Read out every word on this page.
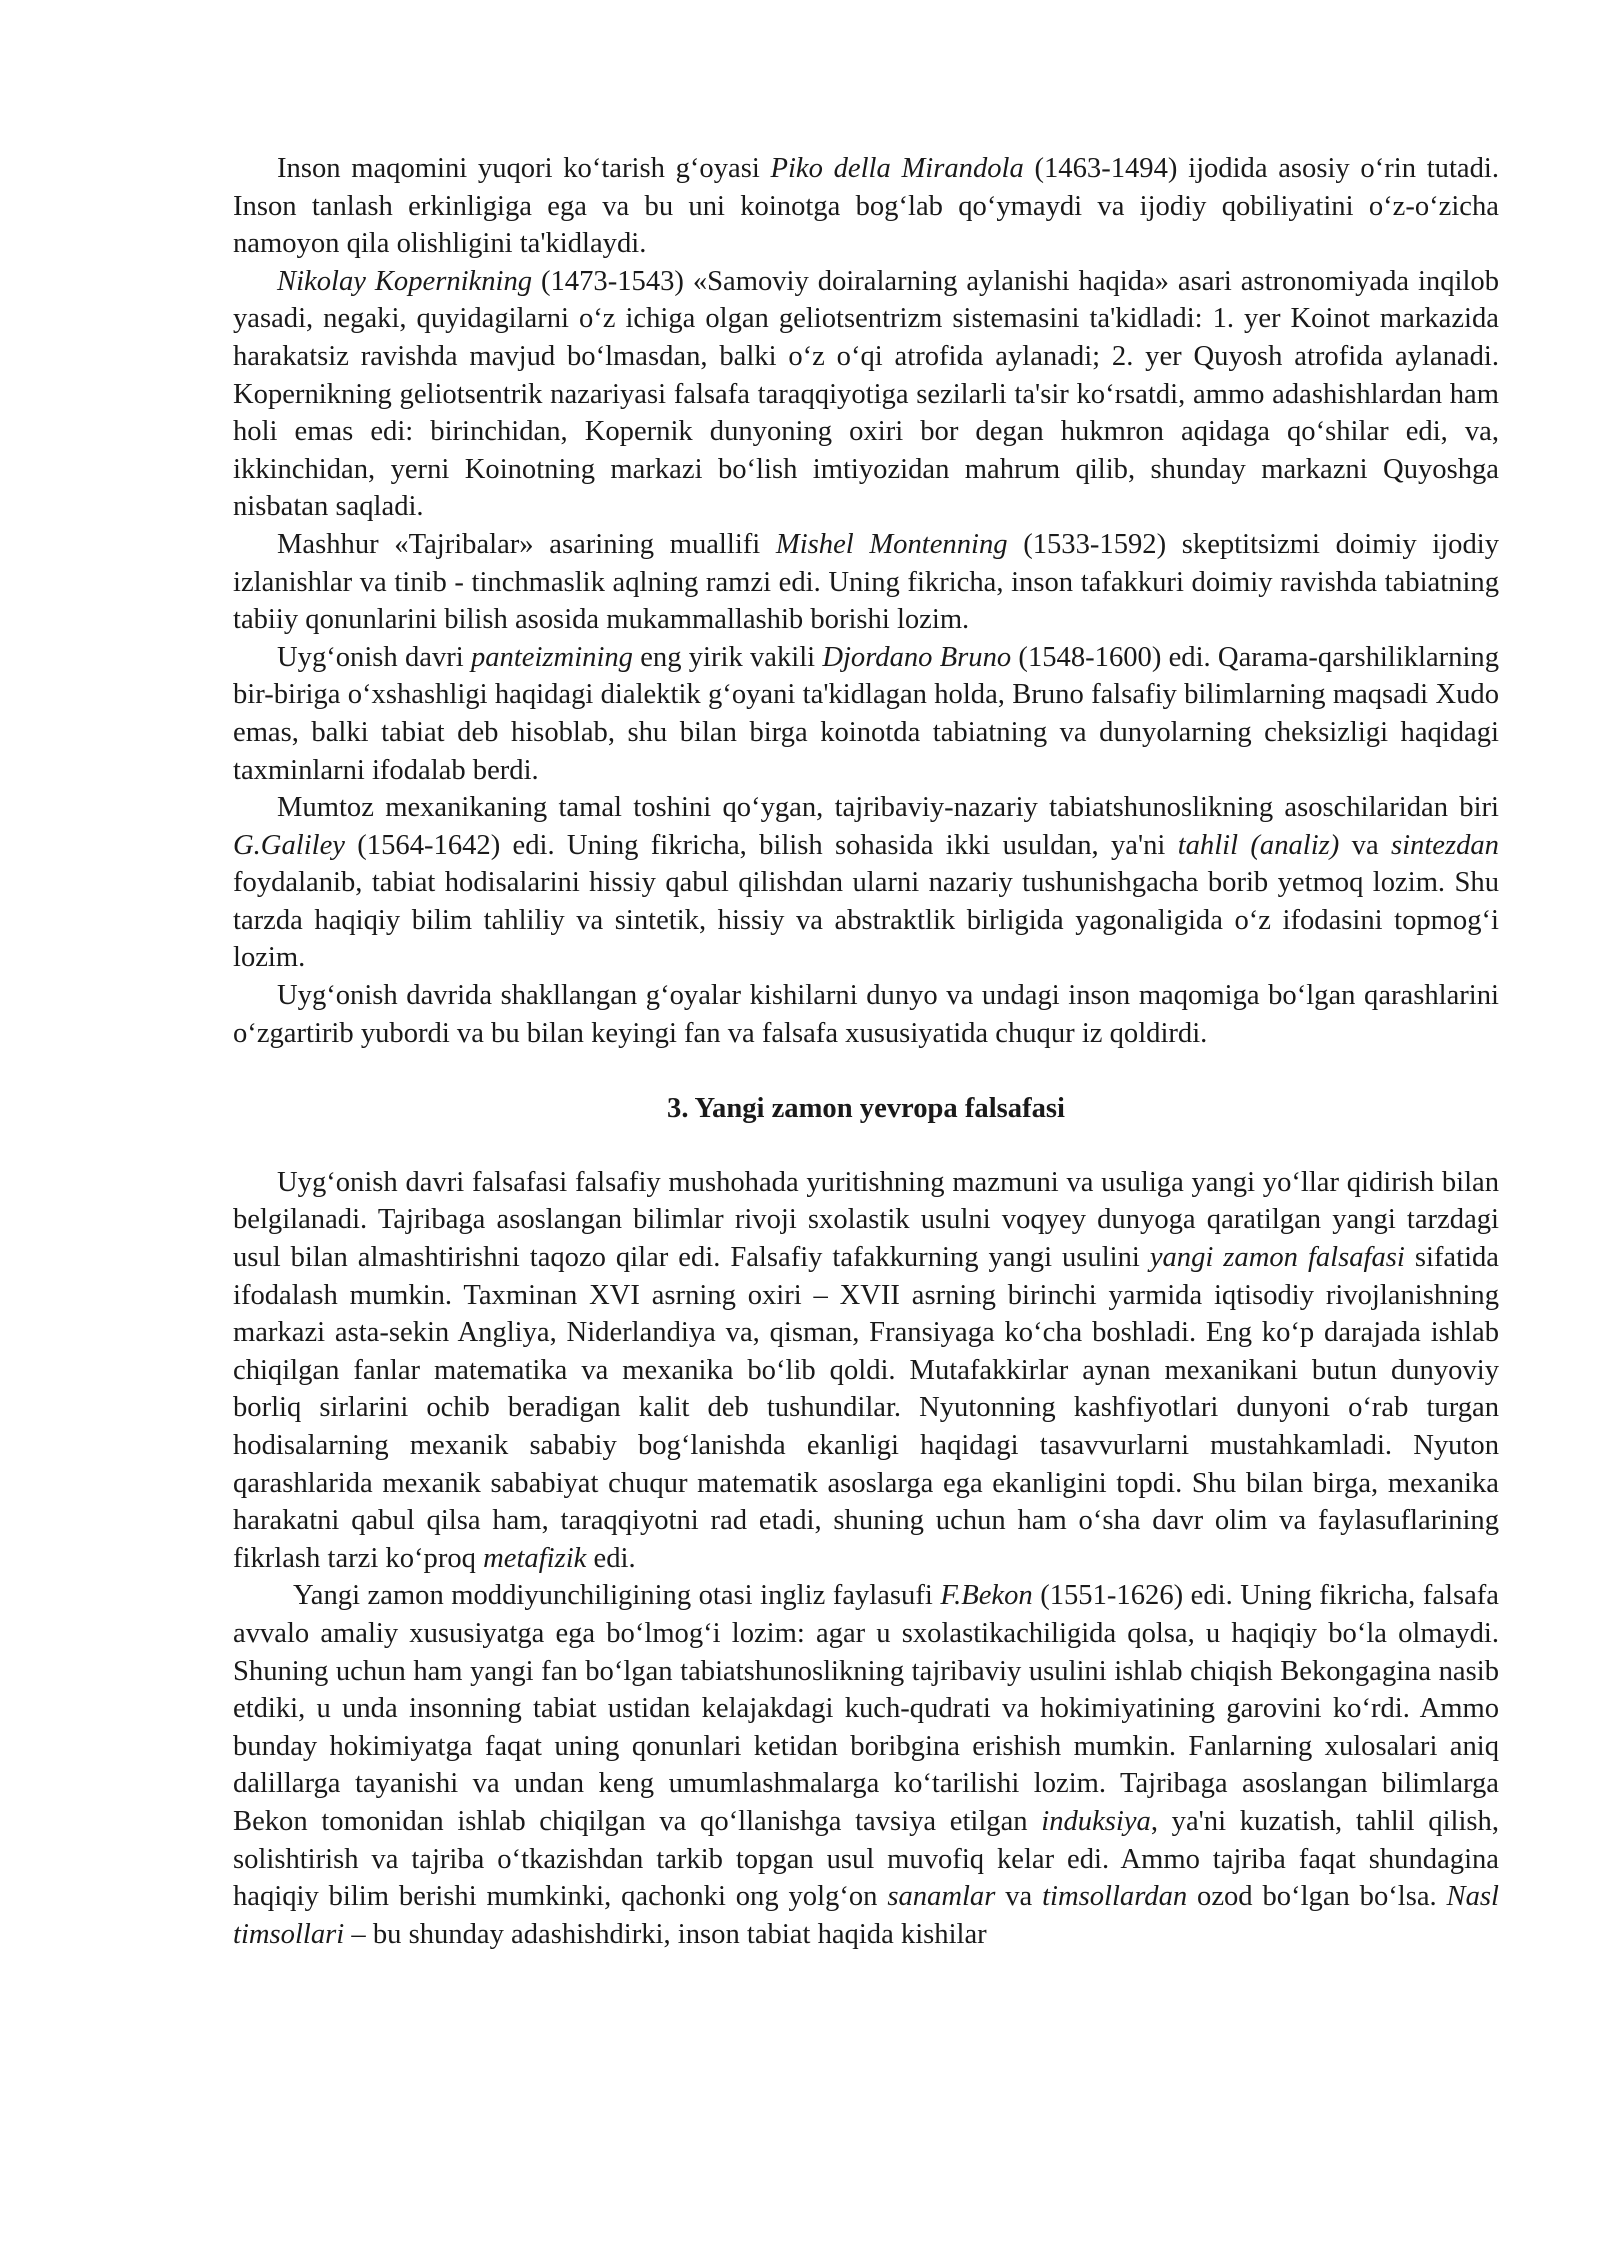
Inson maqomini yuqori koʻtarish gʻoyasi Piko della Mirandola (1463-1494) ijodida asosiy oʻrin tutadi. Inson tanlash erkinligiga ega va bu uni koinotga bogʻlab qoʻymaydi va ijodiy qobiliyatini oʻz-oʻzicha namoyon qila olishligini ta'kidlaydi.

Nikolay Kopernikning (1473-1543) «Samoviy doiralarning aylanishi haqida» asari astronomiyada inqilob yasadi, negaki, quyidagilarni oʻz ichiga olgan geliotsentrizm sistemasini ta'kidladi: 1. yer Koinot markazida harakatsiz ravishda mavjud boʻlmasdan, balki oʻz oʻqi atrofida aylanadi; 2. yer Quyosh atrofida aylanadi. Kopernikning geliotsentrik nazariyasi falsafa taraqqiyotiga sezilarli ta'sir koʻrsatdi, ammo adashishlardan ham holi emas edi: birinchidan, Kopernik dunyoning oxiri bor degan hukmron aqidaga qoʻshilar edi, va, ikkinchidan, yerni Koinotning markazi boʻlish imtiyozidan mahrum qilib, shunday markazni Quyoshga nisbatan saqladi.

Mashhur «Tajribalar» asarining muallifi Mishel Montenning (1533-1592) skeptitsizmi doimiy ijodiy izlanishlar va tinib - tinchmaslik aqlning ramzi edi. Uning fikricha, inson tafakkuri doimiy ravishda tabiatning tabiiy qonunlarini bilish asosida mukammallashib borishi lozim.

Uygʻonish davri panteizmining eng yirik vakili Djordano Bruno (1548-1600) edi. Qarama-qarshiliklarning bir-biriga oʻxshashligi haqidagi dialektik gʻoyani ta'kidlagan holda, Bruno falsafiy bilimlarning maqsadi Xudo emas, balki tabiat deb hisoblab, shu bilan birga koinotda tabiatning va dunyolarning cheksizligi haqidagi taxminlarni ifodalab berdi.

Mumtoz mexanikaning tamal toshini qoʻygan, tajribaviy-nazariy tabiatshunoslikning asoschilaridan biri G.Galiley (1564-1642) edi. Uning fikricha, bilish sohasida ikki usuldan, ya'ni tahlil (analiz) va sintezdan foydalanib, tabiat hodisalarini hissiy qabul qilishdan ularni nazariy tushunishgacha borib yetmoq lozim. Shu tarzda haqiqiy bilim tahliliy va sintetik, hissiy va abstraktlik birligida yagonaligida oʻz ifodasini topmogʻi lozim.

Uygʻonish davrida shakllangan gʻoyalar kishilarni dunyo va undagi inson maqomiga boʻlgan qarashlarini oʻzgartirib yubordi va bu bilan keyingi fan va falsafa xususiyatida chuqur iz qoldirdi.

3. Yangi zamon yevropa falsafasi

Uygʻonish davri falsafasi falsafiy mushohada yuritishning mazmuni va usuliga yangi yoʻllar qidirish bilan belgilanadi. Tajribaga asoslangan bilimlar rivoji sxolastik usulni voqyey dunyoga qaratilgan yangi tarzdagi usul bilan almashtirishni taqozo qilar edi. Falsafiy tafakkurning yangi usulini yangi zamon falsafasi sifatida ifodalash mumkin. Taxminan XVI asrning oxiri – XVII asrning birinchi yarmida iqtisodiy rivojlanishning markazi asta-sekin Angliya, Niderlandiya va, qisman, Fransiyaga koʻcha boshladi. Eng koʻp darajada ishlab chiqilgan fanlar matematika va mexanika boʻlib qoldi. Mutafakkirlar aynan mexanikani butun dunyoviy borliq sirlarini ochib beradigan kalit deb tushundilar. Nyutonning kashfiyotlari dunyoni oʻrab turgan hodisalarning mexanik sababiy bogʻlanishda ekanligi haqidagi tasavvurlarni mustahkamladi. Nyuton qarashlarida mexanik sababiyat chuqur matematik asoslarga ega ekanligini topdi. Shu bilan birga, mexanika harakatni qabul qilsa ham, taraqqiyotni rad etadi, shuning uchun ham oʻsha davr olim va faylasuflarining fikrlash tarzi koʻproq metafizik edi.

Yangi zamon moddiyunchiligining otasi ingliz faylasufi F.Bekon (1551-1626) edi. Uning fikricha, falsafa avvalo amaliy xususiyatga ega boʻlmogʻi lozim: agar u sxolastikachiligida qolsa, u haqiqiy boʻla olmaydi. Shuning uchun ham yangi fan boʻlgan tabiatshunoslikning tajribaviy usulini ishlab chiqish Bekongagina nasib etdiki, u unda insonning tabiat ustidan kelajakdagi kuch-qudrati va hokimiyatining garovini koʻrdi. Ammo bunday hokimiyatga faqat uning qonunlari ketidan boribgina erishish mumkin. Fanlarning xulosalari aniq dalillarga tayanishi va undan keng umumlashmalarga koʻtarilishi lozim. Tajribaga asoslangan bilimlarga Bekon tomonidan ishlab chiqilgan va qoʻllanishga tavsiya etilgan induksiya, ya'ni kuzatish, tahlil qilish, solishtirish va tajriba oʻtkazishdan tarkib topgan usul muvofiq kelar edi. Ammo tajriba faqat shundagina haqiqiy bilim berishi mumkinki, qachonki ong yolgʻon sanamlar va timsollardan ozod boʻlgan boʻlsa. Nasl timsollari – bu shunday adashishdirki, inson tabiat haqida kishilar
